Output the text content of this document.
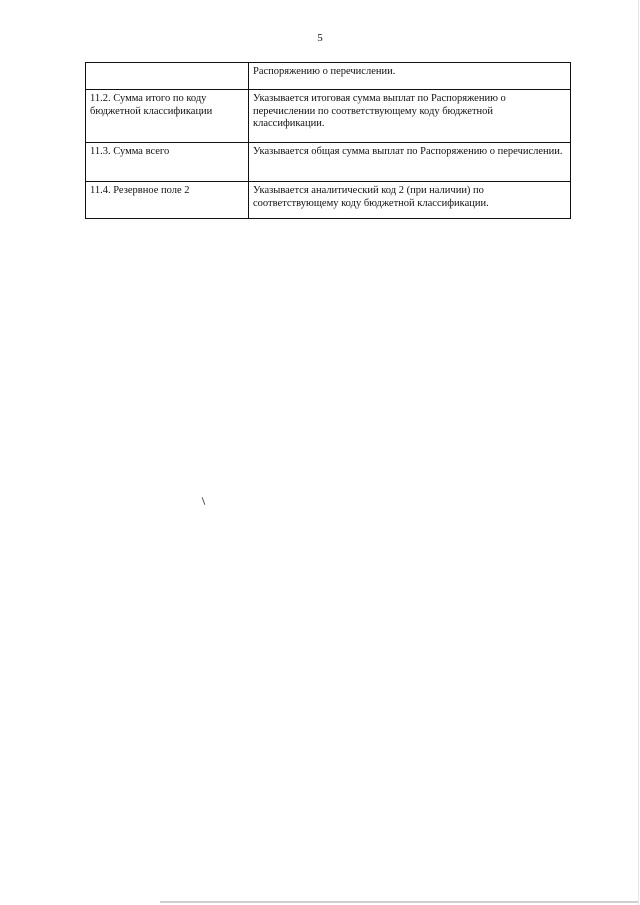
5
	Распоряжению о перечислении.
11.2. Сумма итого по коду бюджетной классификации	Указывается итоговая сумма выплат по Распоряжению о перечислении по соответствующему коду бюджетной классификации.
11.3. Сумма всего	Указывается общая сумма выплат по Распоряжению о перечислении.
11.4. Резервное поле 2	Указывается аналитический код 2 (при наличии) по соответствующему коду бюджетной классификации.
